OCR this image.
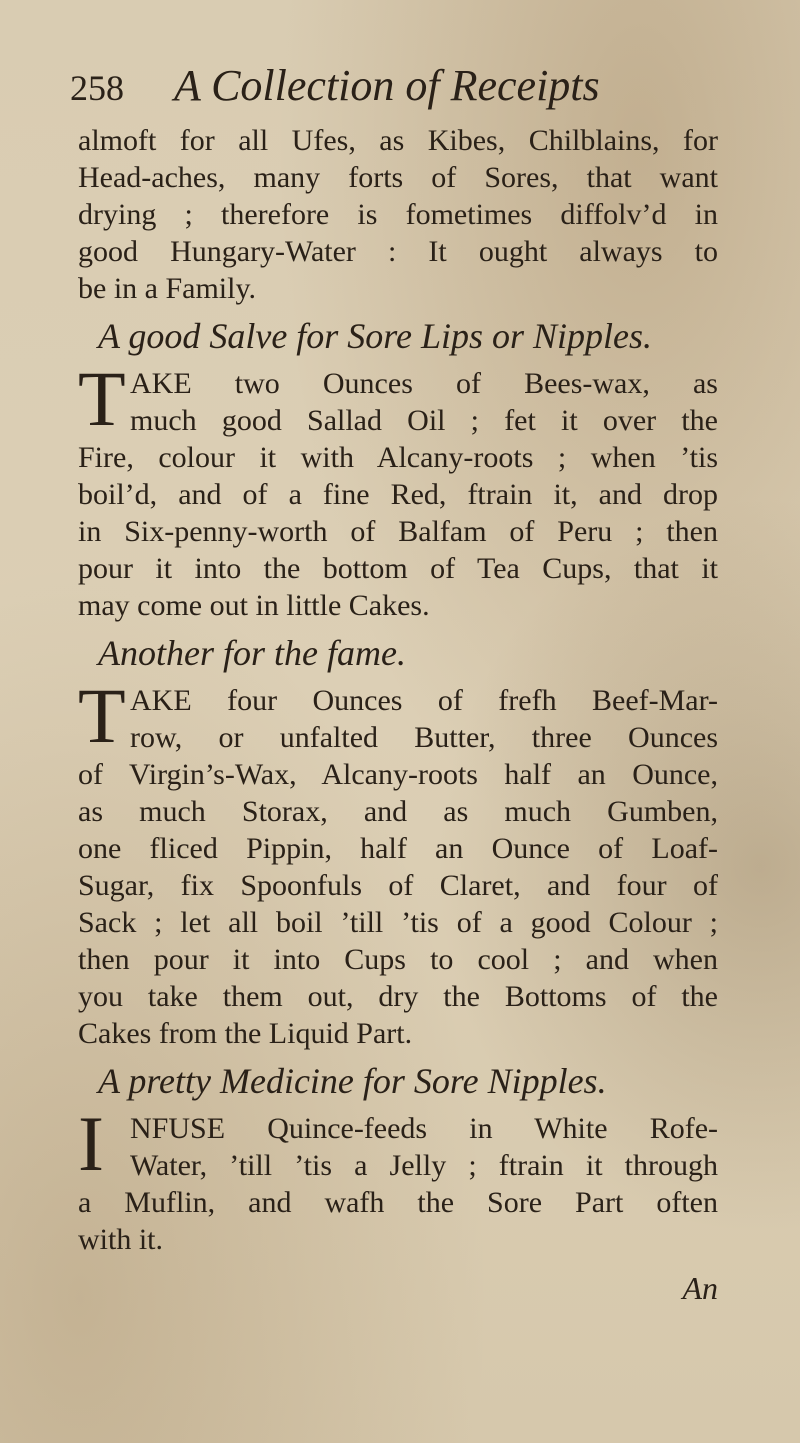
258 A Collection of Receipts
almoft for all Ufes, as Kibes, Chilblains, for
Head-aches, many forts of Sores, that want
drying ; therefore is fometimes diffolv’d in
good Hungary-Water : It ought always to
be in a Family.
A good Salve for Sore Lips or Nipples.
T AKE two Ounces of Bees-wax, as
much good Sallad Oil ; fet it over the
Fire, colour it with Alcany-roots ; when ’tis
boil’d, and of a fine Red, ftrain it, and drop
in Six-penny-worth of Balfam of Peru ; then
pour it into the bottom of Tea Cups, that it
may come out in little Cakes.
Another for the fame.
T AKE four Ounces of frefh Beef-Mar-
row, or unfalted Butter, three Ounces
of Virgin’s-Wax, Alcany-roots half an Ounce,
as much Storax, and as much Gumben,
one fliced Pippin, half an Ounce of Loaf-
Sugar, fix Spoonfuls of Claret, and four of
Sack ; let all boil ’till ’tis of a good Colour ;
then pour it into Cups to cool ; and when
you take them out, dry the Bottoms of the
Cakes from the Liquid Part.
A pretty Medicine for Sore Nipples.
I NFUSE Quince-feeds in White Rofe-
Water, ’till ’tis a Jelly ; ftrain it through
a Muflin, and wafh the Sore Part often
with it.
An
